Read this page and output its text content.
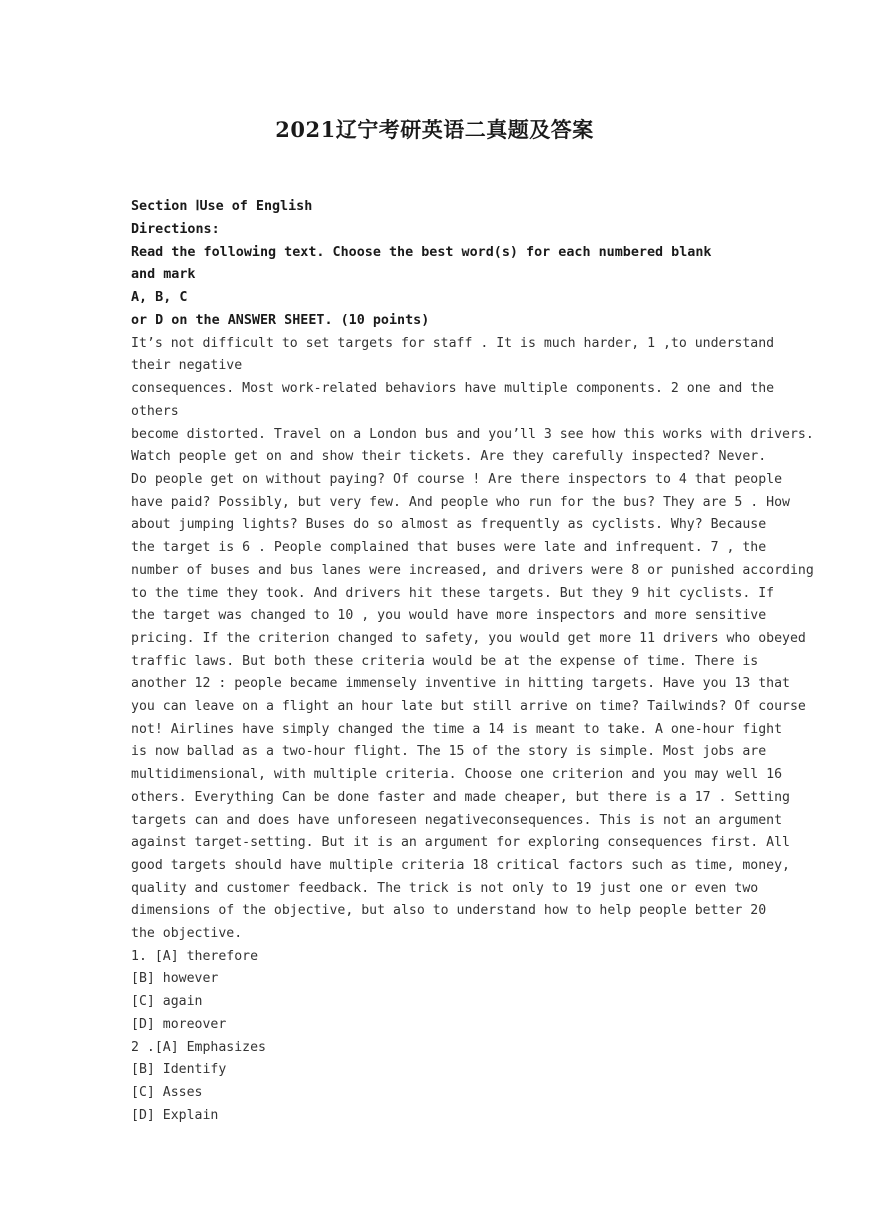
2021辽宁考研英语二真题及答案

Section ⅠUse of English

Directions:

Read the following text. Choose the best word(s) for each numbered blank and mark

A, B, C

or D on the ANSWER SHEET. (10 points)

It’s not difficult to set targets for staff . It is much harder, 1 ,to understand
their negative
consequences. Most work-related behaviors have multiple components. 2 one and the
others
become distorted. Travel on a London bus and you’ll 3 see how this works with drivers.
Watch people get on and show their tickets. Are they carefully inspected? Never.
Do people get on without paying? Of course ! Are there inspectors to 4 that people
have paid? Possibly, but very few. And people who run for the bus? They are 5 . How
about jumping lights? Buses do so almost as frequently as cyclists. Why? Because
the target is 6 . People complained that buses were late and infrequent. 7 , the
number of buses and bus lanes were increased, and drivers were 8 or punished according
to the time they took. And drivers hit these targets. But they 9 hit cyclists. If
the target was changed to 10 , you would have more inspectors and more sensitive
pricing. If the criterion changed to safety, you would get more 11 drivers who obeyed
traffic laws. But both these criteria would be at the expense of time. There is
another 12 : people became immensely inventive in hitting targets. Have you 13 that
you can leave on a flight an hour late but still arrive on time? Tailwinds? Of course
not! Airlines have simply changed the time a 14 is meant to take. A one-hour fight
is now ballad as a two-hour flight. The 15 of the story is simple. Most jobs are
multidimensional, with multiple criteria. Choose one criterion and you may well 16
others. Everything Can be done faster and made cheaper, but there is a 17 . Setting
targets can and does have unforeseen negativeconsequences. This is not an argument
against target-setting. But it is an argument for exploring consequences first. All
good targets should have multiple criteria 18 critical factors such as time, money,
quality and customer feedback. The trick is not only to 19 just one or even two
dimensions of the objective, but also to understand how to help people better 20
the objective.
1. [A] therefore
[B] however
[C] again
[D] moreover
2 .[A] Emphasizes
[B] Identify
[C] Asses
[D] Explain
